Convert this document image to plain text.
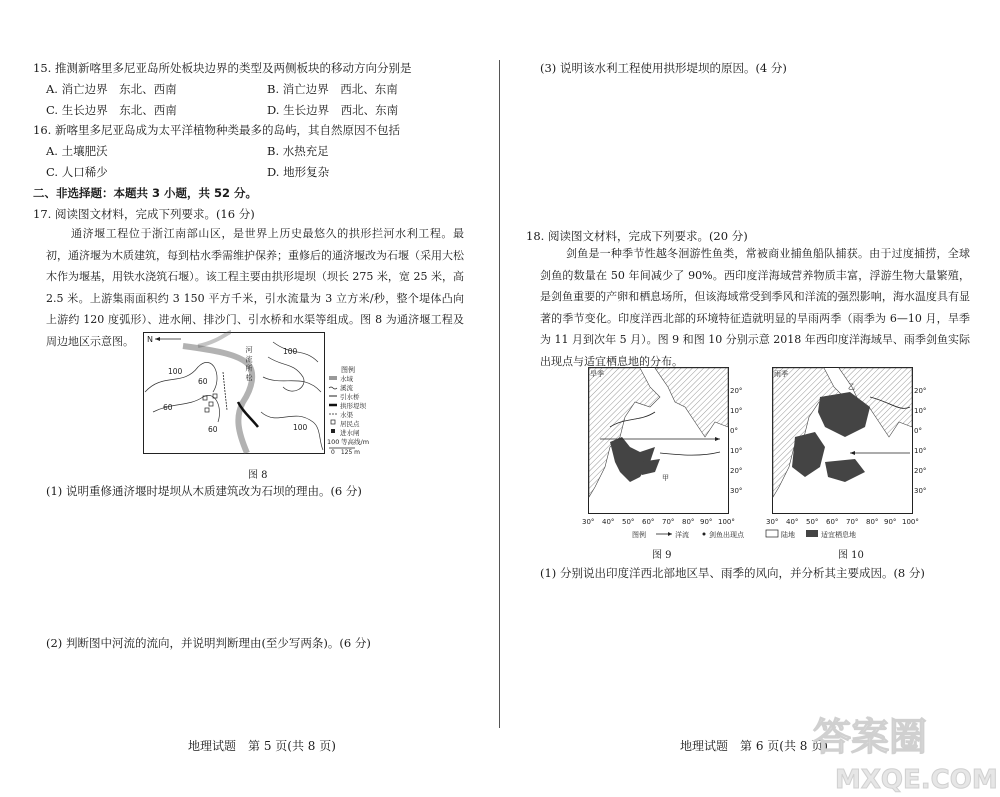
15. 推测新喀里多尼亚岛所处板块边界的类型及两侧板块的移动方向分别是
A. 消亡边界　东北、西南	B. 消亡边界　西北、东南
C. 生长边界　东北、西南	D. 生长边界　西北、东南
16. 新喀里多尼亚岛成为太平洋植物种类最多的岛屿，其自然原因不包括
A. 土壤肥沃	B. 水热充足
C. 人口稀少	D. 地形复杂
二、非选择题：本题共 3 小题，共 52 分。
17. 阅读图文材料，完成下列要求。(16 分)
通济堰工程位于浙江南部山区，是世界上历史最悠久的拱形拦河水利工程。最初，通济堰为木质建筑，每到枯水季需维护保养；重修后的通济堰改为石堰（采用大松木作为堰基，用铁水浇筑石堰）。该工程主要由拱形堤坝（坝长 275 米，宽 25 米，高 2.5 米。上游集雨面积约 3 150 平方千米，引水流量为 3 立方米/秒，整个堤体凸向上游约 120 度弧形）、进水闸、排沙门、引水桥和水渠等组成。图 8 为通济堰工程及周边地区示意图。	N
河 流 所 松
100
60
60
60
100
100
图例
水域
溪流
引水桥
拱形堤坝
水渠
居民点
进水闸
100 等高线/m
0　125 m
图 8
(1) 说明重修通济堰时堤坝从木质建筑改为石坝的理由。(6 分)
(2) 判断图中河流的流向，并说明判断理由(至少写两条)。(6 分)
地理试题　第 5 页(共 8 页)
(3) 说明该水利工程使用拱形堤坝的原因。(4 分)
18. 阅读图文材料，完成下列要求。(20 分)
剑鱼是一种季节性越冬洄游性鱼类，常被商业捕鱼船队捕获。由于过度捕捞，全球剑鱼的数量在 50 年间减少了 90%。西印度洋海域营养物质丰富，浮游生物大量繁殖，是剑鱼重要的产卵和栖息场所，但该海域常受到季风和洋流的强烈影响，海水温度具有显著的季节变化。印度洋西北部的环境特征造就明显的旱雨两季（雨季为 6—10 月，旱季为 11 月到次年 5 月）。图 9 和图 10 分别示意 2018 年西印度洋海域旱、雨季剑鱼实际出现点与适宜栖息地的分布。
旱季
甲
雨季
乙
20°
10°
0°
10°
20°
30°
20°
10°
0°
10°
20°
30°
30° 40° 50° 60° 70° 80° 90° 100°	30° 40° 50° 60° 70° 80° 90° 100°
图例	洋流	剑鱼出现点	陆地	适宜栖息地
图 9	图 10
(1) 分别说出印度洋西北部地区旱、雨季的风向，并分析其主要成因。(8 分)
地理试题　第 6 页(共 8 页)
答案圈
MXQE.COM
